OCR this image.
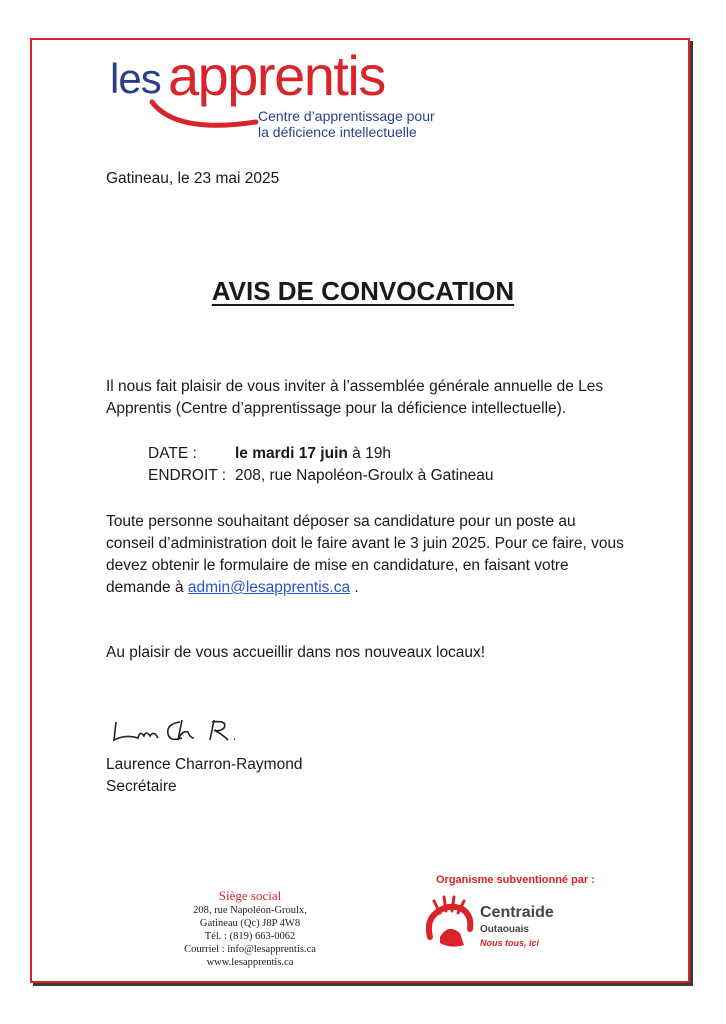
les apprentis
Centre d’apprentissage pour
la déficience intellectuelle
Gatineau, le 23 mai 2025
AVIS DE CONVOCATION
Il nous fait plaisir de vous inviter à l’assemblée générale annuelle de Les
Apprentis (Centre d’apprentissage pour la déficience intellectuelle).
DATE : le mardi 17 juin à 19h
ENDROIT : 208, rue Napoléon-Groulx à Gatineau
Toute personne souhaitant déposer sa candidature pour un poste au
conseil d’administration doit le faire avant le 3 juin 2025. Pour ce faire, vous
devez obtenir le formulaire de mise en candidature, en faisant votre
demande à admin@lesapprentis.ca .
Au plaisir de vous accueillir dans nos nouveaux locaux!
Laurence Charron-Raymond
Secrétaire
Siège social
208, rue Napoléon-Groulx,
Gatineau (Qc) J8P 4W8
Tél. : (819) 663-0062
Courriel : info@lesapprentis.ca
www.lesapprentis.ca
Organisme subventionné par :
Centraide
Outaouais
Nous tous, ici
